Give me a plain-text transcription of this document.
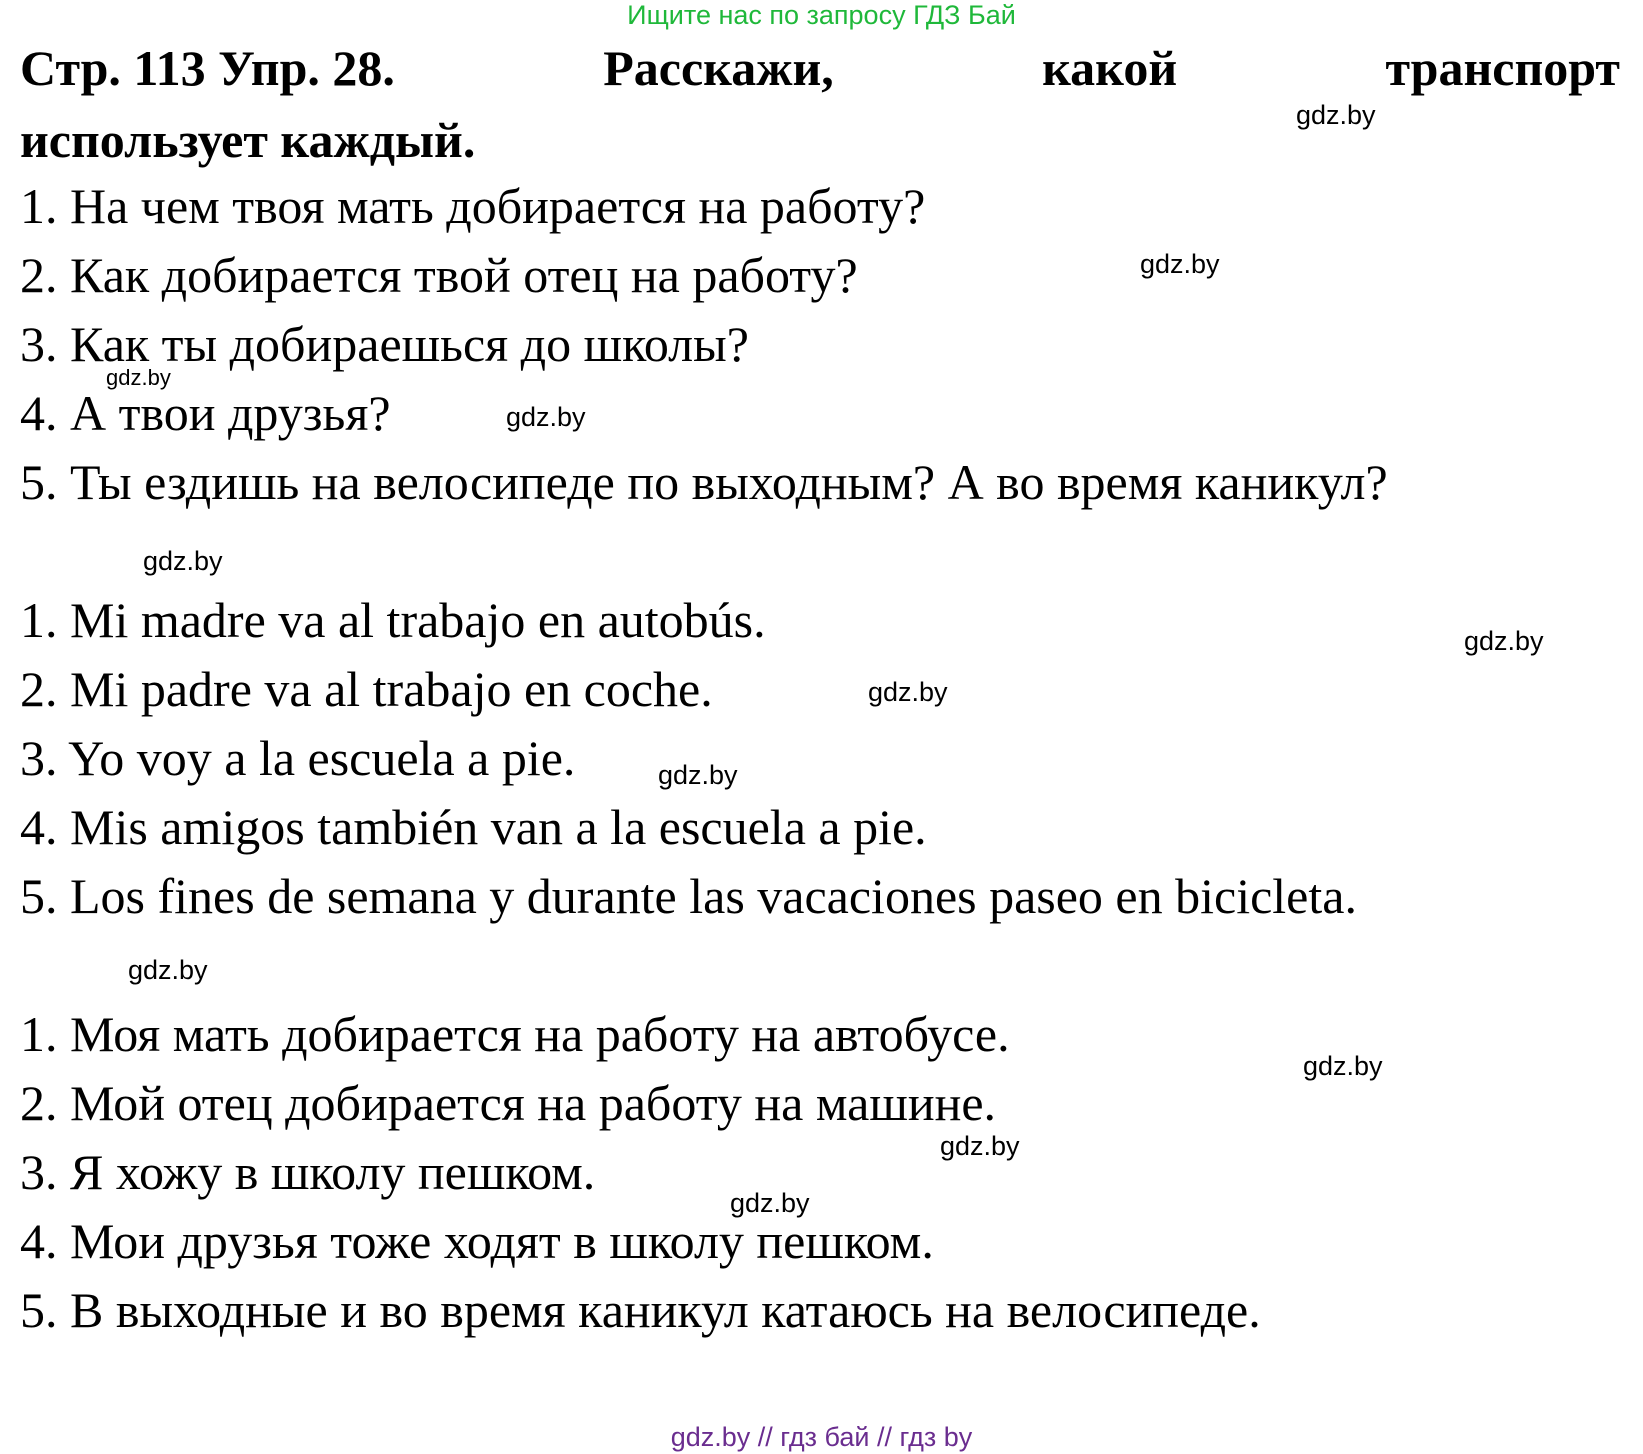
Ищите нас по запросу ГДЗ Бай
Стр. 113 Упр. 28.	Расскажи,	какой	транспорт
использует каждый.
1. На чем твоя мать добирается на работу?
2. Как добирается твой отец на работу?
3. Как ты добираешься до школы?
4. А твои друзья?
5. Ты ездишь на велосипеде по выходным? А во время каникул?
1. Mi madre va al trabajo en autobús.
2. Mi padre va al trabajo en coche.
3. Yo voy a la escuela a pie.
4. Mis amigos también van a la escuela a pie.
5. Los fines de semana y durante las vacaciones paseo en bicicleta.
1. Моя мать добирается на работу на автобусе.
2. Мой отец добирается на работу на машине.
3. Я хожу в школу пешком.
4. Мои друзья тоже ходят в школу пешком.
5. В выходные и во время каникул катаюсь на велосипеде.
gdz.by
gdz.by
gdz.by
gdz.by
gdz.by
gdz.by
gdz.by
gdz.by
gdz.by
gdz.by
gdz.by
gdz.by
gdz.by // гдз бай // гдз by
